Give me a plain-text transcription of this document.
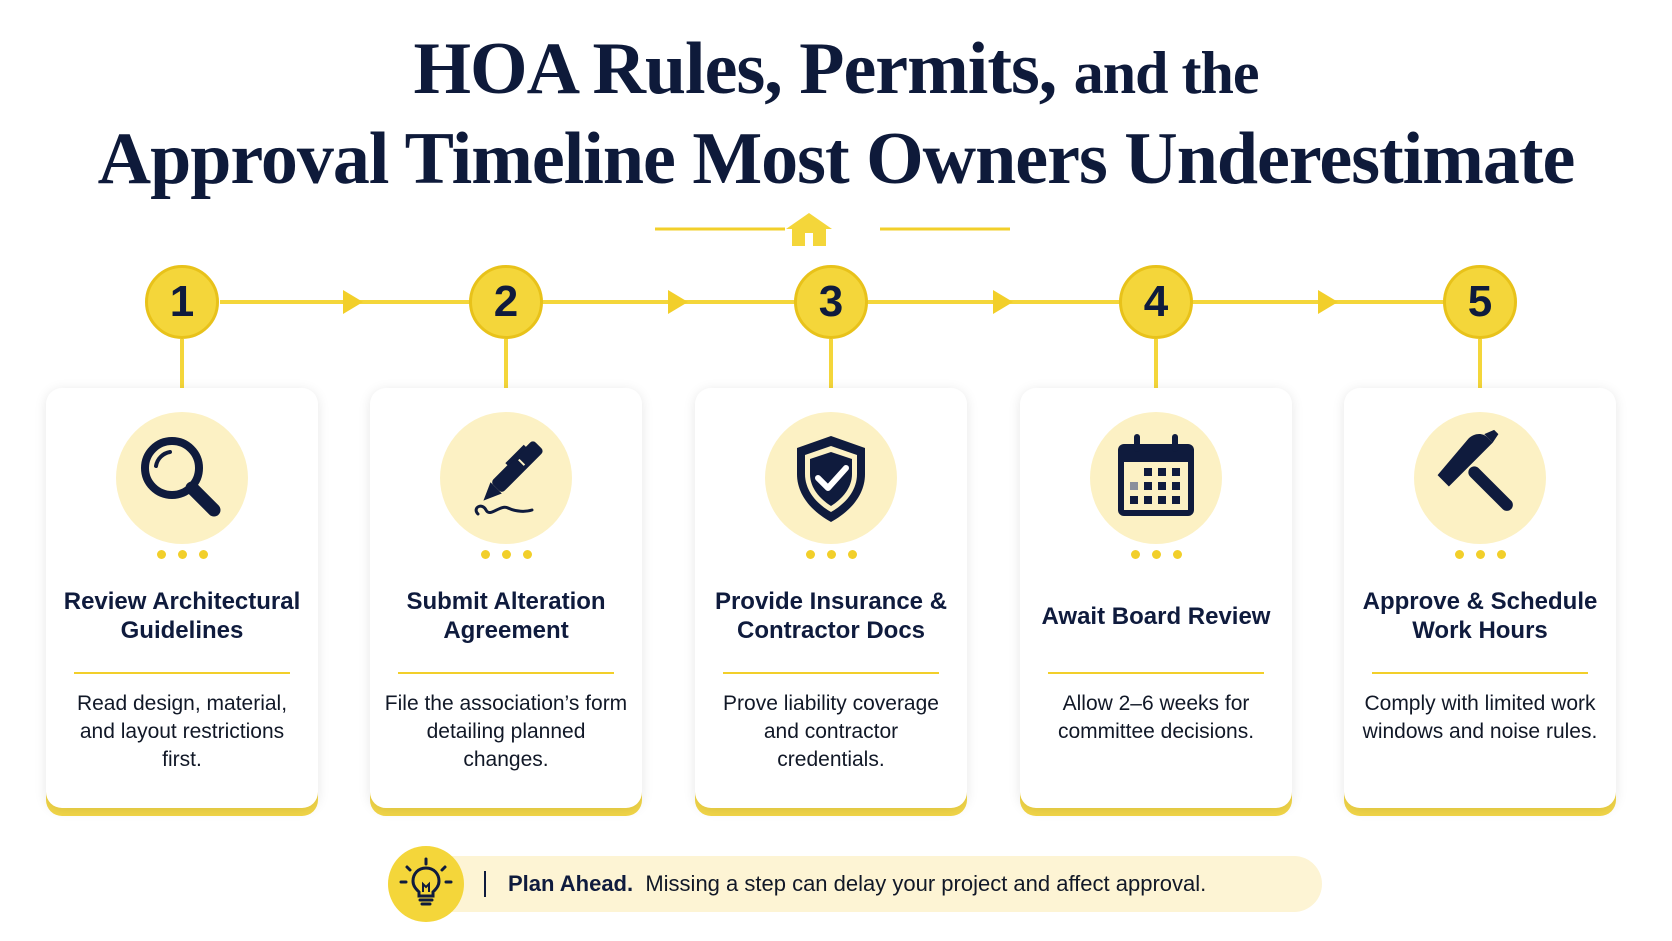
HOA Rules, Permits, and the
Approval Timeline Most Owners Underestimate
1	2	3	4	5
Review Architectural Guidelines
Read design, material, and layout restrictions first.
Submit Alteration Agreement
File the association’s form detailing planned changes.
Provide Insurance & Contractor Docs
Prove liability coverage and contractor credentials.
Await Board Review
Allow 2–6 weeks for committee decisions.
Approve & Schedule Work Hours
Comply with limited work windows and noise rules.
Plan Ahead. Missing a step can delay your project and affect approval.
